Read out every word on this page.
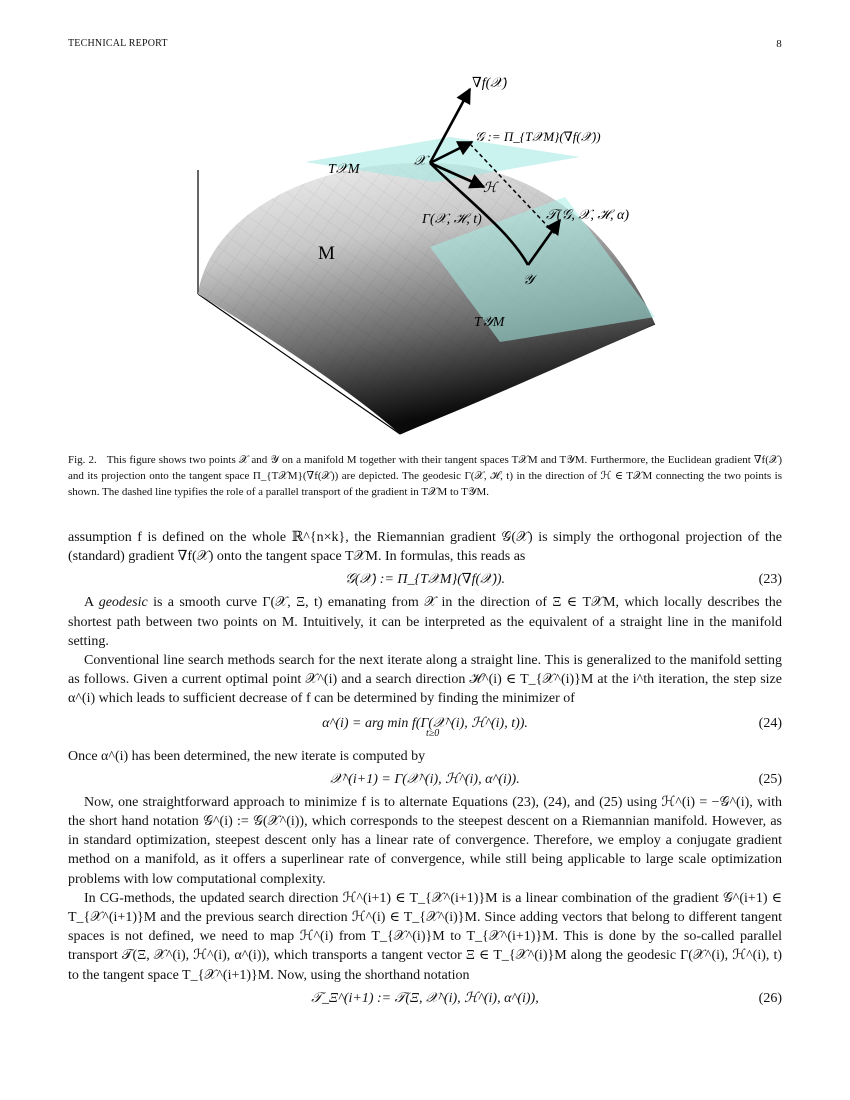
TECHNICAL REPORT	8
∇f(𝒳)
𝒢 := Π_{T𝒳M}(∇f(𝒳))
T𝒳M
𝒳
ℋ
Γ(𝒳, ℋ, t)	𝒯(𝒢, 𝒳, ℋ, α)
M
𝒴
T𝒴M
Fig. 2. This figure shows two points 𝒳 and 𝒴 on a manifold M together with their tangent spaces T𝒳M and T𝒴M. Furthermore, the Euclidean gradient ∇f(𝒳) and its projection onto the tangent space Π_{T𝒳M}(∇f(𝒳)) are depicted. The geodesic Γ(𝒳, ℋ, t) in the direction of ℋ ∈ T𝒳M connecting the two points is shown. The dashed line typifies the role of a parallel transport of the gradient in T𝒳M to T𝒴M.

assumption f is defined on the whole ℝ^{n×k}, the Riemannian gradient 𝒢(𝒳) is simply the orthogonal projection of the (standard) gradient ∇f(𝒳) onto the tangent space T𝒳M. In formulas, this reads as

𝒢(𝒳) := Π_{T𝒳M}(∇f(𝒳)).	(23)

A geodesic is a smooth curve Γ(𝒳, Ξ, t) emanating from 𝒳 in the direction of Ξ ∈ T𝒳M, which locally describes the shortest path between two points on M. Intuitively, it can be interpreted as the equivalent of a straight line in the manifold setting.

Conventional line search methods search for the next iterate along a straight line. This is generalized to the manifold setting as follows. Given a current optimal point 𝒳^(i) and a search direction ℋ^(i) ∈ T_{𝒳^(i)}M at the i^th iteration, the step size α^(i) which leads to sufficient decrease of f can be determined by finding the minimizer of

α^(i) = arg min f(Γ(𝒳^(i), ℋ^(i), t)).
t≥0
(24)

Once α^(i) has been determined, the new iterate is computed by

𝒳^(i+1) = Γ(𝒳^(i), ℋ^(i), α^(i)).	(25)

Now, one straightforward approach to minimize f is to alternate Equations (23), (24), and (25) using ℋ^(i) = −𝒢^(i), with the short hand notation 𝒢^(i) := 𝒢(𝒳^(i)), which corresponds to the steepest descent on a Riemannian manifold. However, as in standard optimization, steepest descent only has a linear rate of convergence. Therefore, we employ a conjugate gradient method on a manifold, as it offers a superlinear rate of convergence, while still being applicable to large scale optimization problems with low computational complexity.

In CG-methods, the updated search direction ℋ^(i+1) ∈ T_{𝒳^(i+1)}M is a linear combination of the gradient 𝒢^(i+1) ∈ T_{𝒳^(i+1)}M and the previous search direction ℋ^(i) ∈ T_{𝒳^(i)}M. Since adding vectors that belong to different tangent spaces is not defined, we need to map ℋ^(i) from T_{𝒳^(i)}M to T_{𝒳^(i+1)}M. This is done by the so-called parallel transport 𝒯(Ξ, 𝒳^(i), ℋ^(i), α^(i)), which transports a tangent vector Ξ ∈ T_{𝒳^(i)}M along the geodesic Γ(𝒳^(i), ℋ^(i), t) to the tangent space T_{𝒳^(i+1)}M. Now, using the shorthand notation

𝒯_Ξ^(i+1) := 𝒯(Ξ, 𝒳^(i), ℋ^(i), α^(i)),	(26)
